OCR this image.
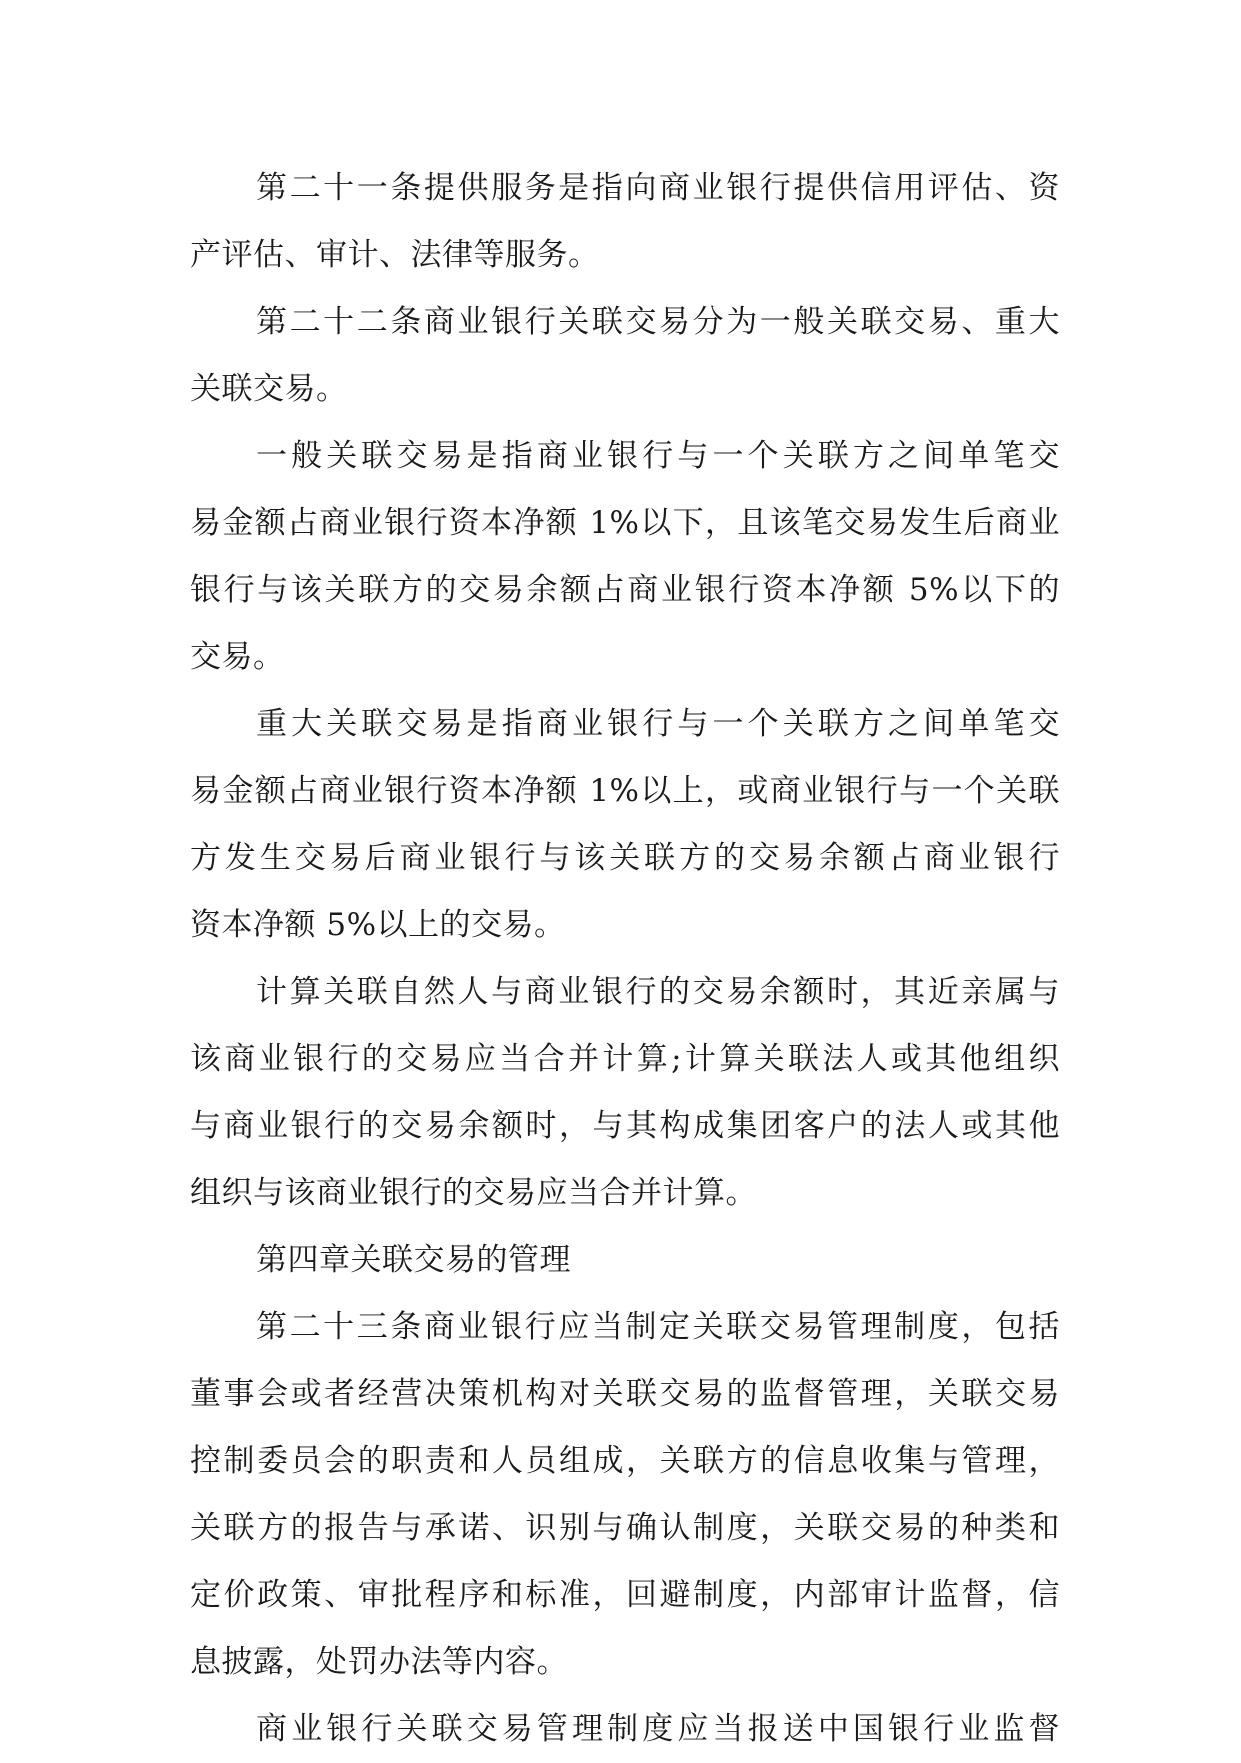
第二十一条提供服务是指向商业银行提供信用评估、资
产评估、审计、法律等服务。
第二十二条商业银行关联交易分为一般关联交易、重大
关联交易。
一般关联交易是指商业银行与一个关联方之间单笔交
易金额占商业银行资本净额 1%以下，且该笔交易发生后商业
银行与该关联方的交易余额占商业银行资本净额 5%以下的
交易。
重大关联交易是指商业银行与一个关联方之间单笔交
易金额占商业银行资本净额 1%以上，或商业银行与一个关联
方发生交易后商业银行与该关联方的交易余额占商业银行
资本净额 5%以上的交易。
计算关联自然人与商业银行的交易余额时，其近亲属与
该商业银行的交易应当合并计算;计算关联法人或其他组织
与商业银行的交易余额时，与其构成集团客户的法人或其他
组织与该商业银行的交易应当合并计算。
第四章关联交易的管理
第二十三条商业银行应当制定关联交易管理制度，包括
董事会或者经营决策机构对关联交易的监督管理，关联交易
控制委员会的职责和人员组成，关联方的信息收集与管理，
关联方的报告与承诺、识别与确认制度，关联交易的种类和
定价政策、审批程序和标准，回避制度，内部审计监督，信
息披露，处罚办法等内容。
商业银行关联交易管理制度应当报送中国银行业监督
